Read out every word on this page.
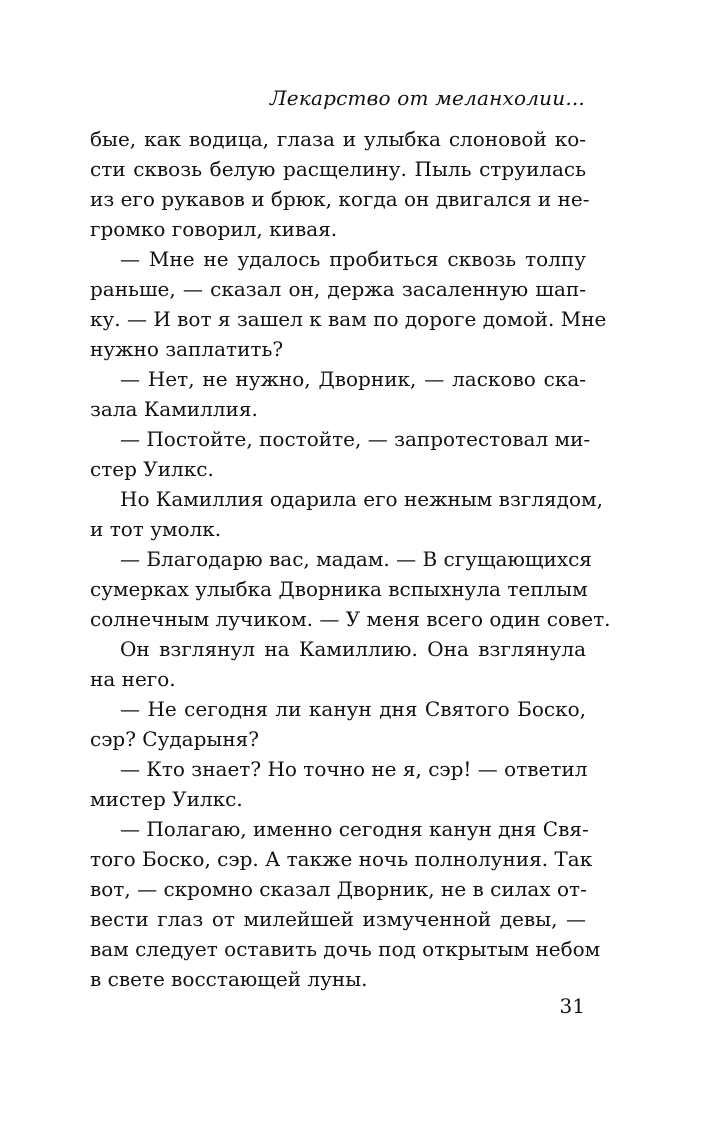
Лекарство от меланхолии...
бые, как водица, глаза и улыбка слоновой ко-
сти сквозь белую расщелину. Пыль струилась
из его рукавов и брюк, когда он двигался и не-
громко говорил, кивая.
— Мне не удалось пробиться сквозь толпу
раньше, — сказал он, держа засаленную шап-
ку. — И вот я зашел к вам по дороге домой. Мне
нужно заплатить?
— Нет, не нужно, Дворник, — ласково ска-
зала Камиллия.
— Постойте, постойте, — запротестовал ми-
стер Уилкс.
Но Камиллия одарила его нежным взглядом,
и тот умолк.
— Благодарю вас, мадам. — В сгущающихся
сумерках улыбка Дворника вспыхнула теплым
солнечным лучиком. — У меня всего один совет.
Он взглянул на Камиллию. Она взглянула
на него.
— Не сегодня ли канун дня Святого Боско,
сэр? Сударыня?
— Кто знает? Но точно не я, сэр! — ответил
мистер Уилкс.
— Полагаю, именно сегодня канун дня Свя-
того Боско, сэр. А также ночь полнолуния. Так
вот, — скромно сказал Дворник, не в силах от-
вести глаз от милейшей измученной девы, —
вам следует оставить дочь под открытым небом
в свете восстающей луны.
31
